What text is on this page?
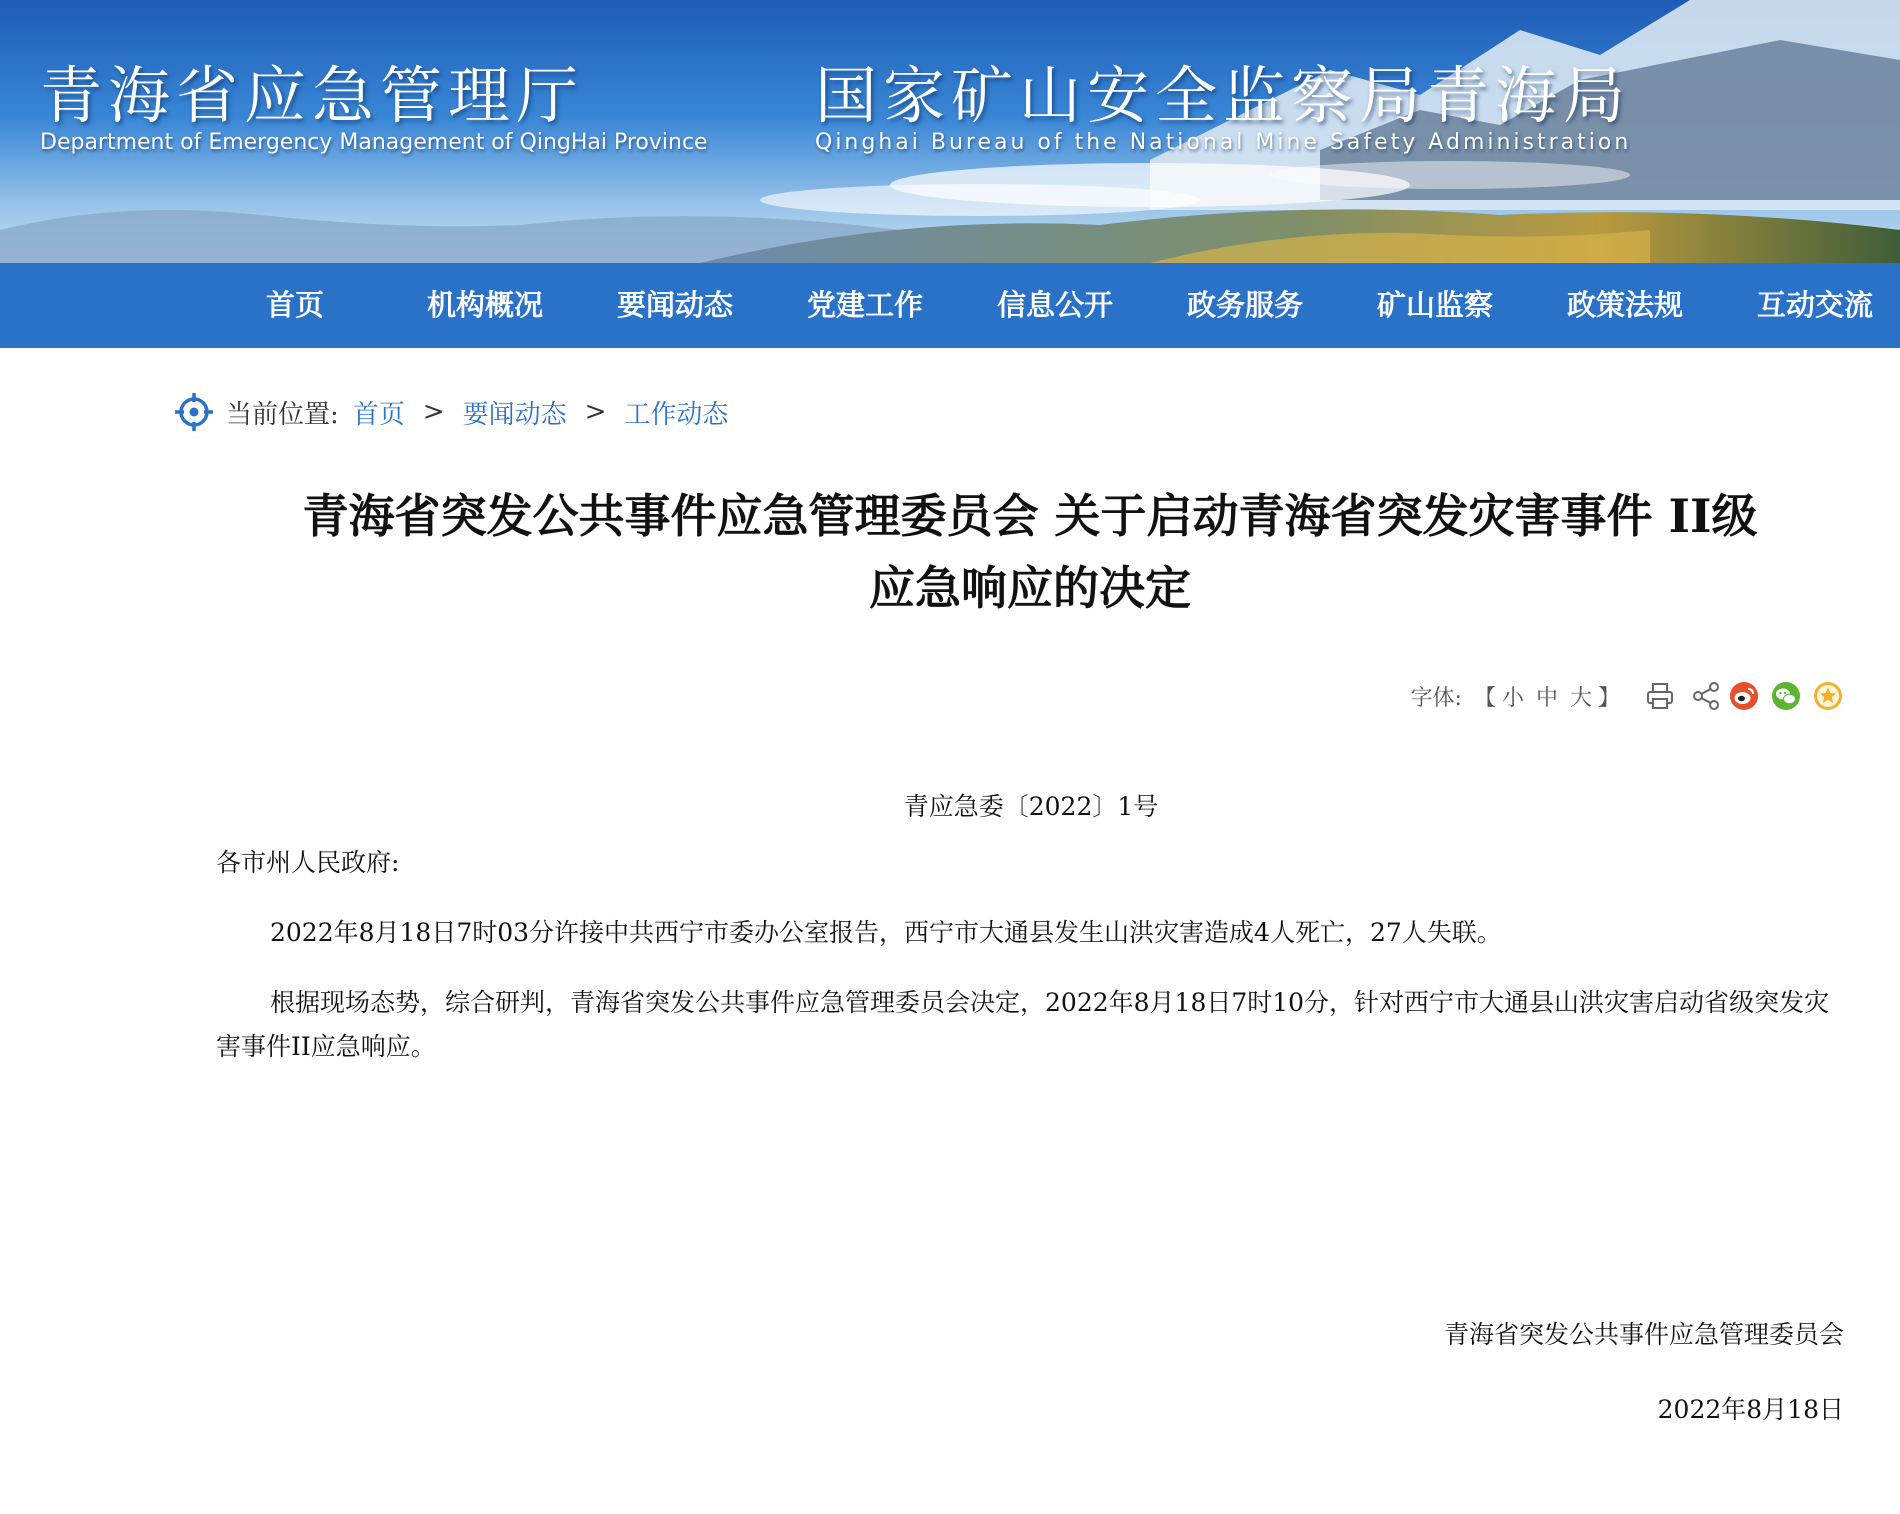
青海省应急管理厅	国家矿山安全监察局青海局
Department of Emergency Management of QingHai Province	Qinghai Bureau of the National Mine Safety Administration
首页	机构概况	要闻动态	党建工作	信息公开	政务服务	矿山监察	政策法规	互动交流
当前位置: 首页 > 要闻动态 > 工作动态
青海省突发公共事件应急管理委员会 关于启动青海省突发灾害事件 II级
应急响应的决定
字体: 【 小 中 大 】

青应急委〔2022〕1号

各市州人民政府:

2022年8月18日7时03分许接中共西宁市委办公室报告，西宁市大通县发生山洪灾害造成4人死亡，27人失联。

根据现场态势，综合研判，青海省突发公共事件应急管理委员会决定，2022年8月18日7时10分，针对西宁市大通县山洪灾害启动省级突发灾害事件II应急响应。

青海省突发公共事件应急管理委员会

2022年8月18日
